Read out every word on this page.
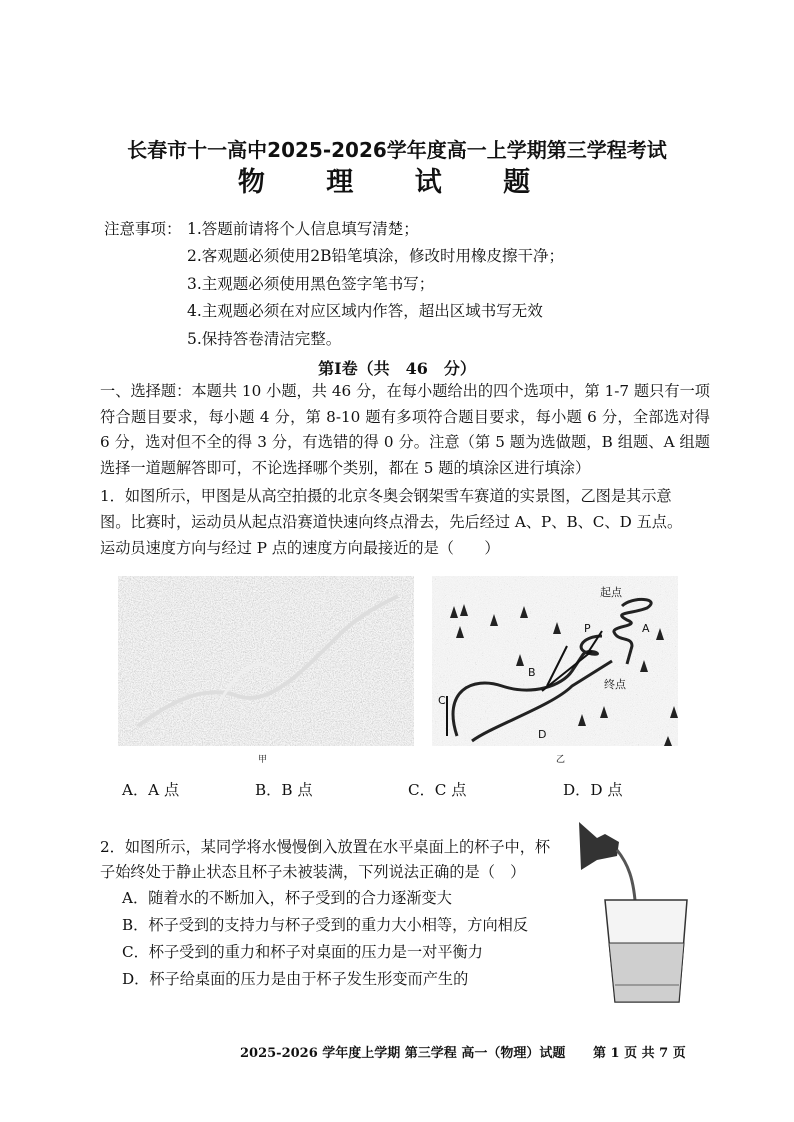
长春市十一高中2025-2026学年度高一上学期第三学程考试
物 理 试 题
注意事项： 1.答题前请将个人信息填写清楚；
2.客观题必须使用2B铅笔填涂，修改时用橡皮擦干净；
3.主观题必须使用黑色签字笔书写；
4.主观题必须在对应区域内作答，超出区域书写无效
5.保持答卷清洁完整。
第Ⅰ卷（共　46　分）
一、选择题：本题共 10 小题，共 46 分，在每小题给出的四个选项中，第 1-7 题只有一项符合题目要求，每小题 4 分，第 8-10 题有多项符合题目要求，每小题 6 分，全部选对得 6 分，选对但不全的得 3 分，有选错的得 0 分。注意（第 5 题为选做题，B 组题、A 组题选择一道题解答即可，不论选择哪个类别，都在 5 题的填涂区进行填涂）
1．如图所示，甲图是从高空拍摄的北京冬奥会钢架雪车赛道的实景图，乙图是其示意
图。比赛时，运动员从起点沿赛道快速向终点滑去，先后经过 A、P、B、C、D 五点。
运动员速度方向与经过 P 点的速度方向最接近的是（　　）
甲
起点
终点
A
P
B
C
D
乙
A．A 点	B．B 点	C．C 点	D．D 点
2．如图所示，某同学将水慢慢倒入放置在水平桌面上的杯子中，杯
子始终处于静止状态且杯子未被装满，下列说法正确的是（　）
A．随着水的不断加入，杯子受到的合力逐渐变大
B．杯子受到的支持力与杯子受到的重力大小相等，方向相反
C．杯子受到的重力和杯子对桌面的压力是一对平衡力
D．杯子给桌面的压力是由于杯子发生形变而产生的
2025-2026 学年度上学期 第三学程 高一（物理）试题 第 1 页 共 7 页
